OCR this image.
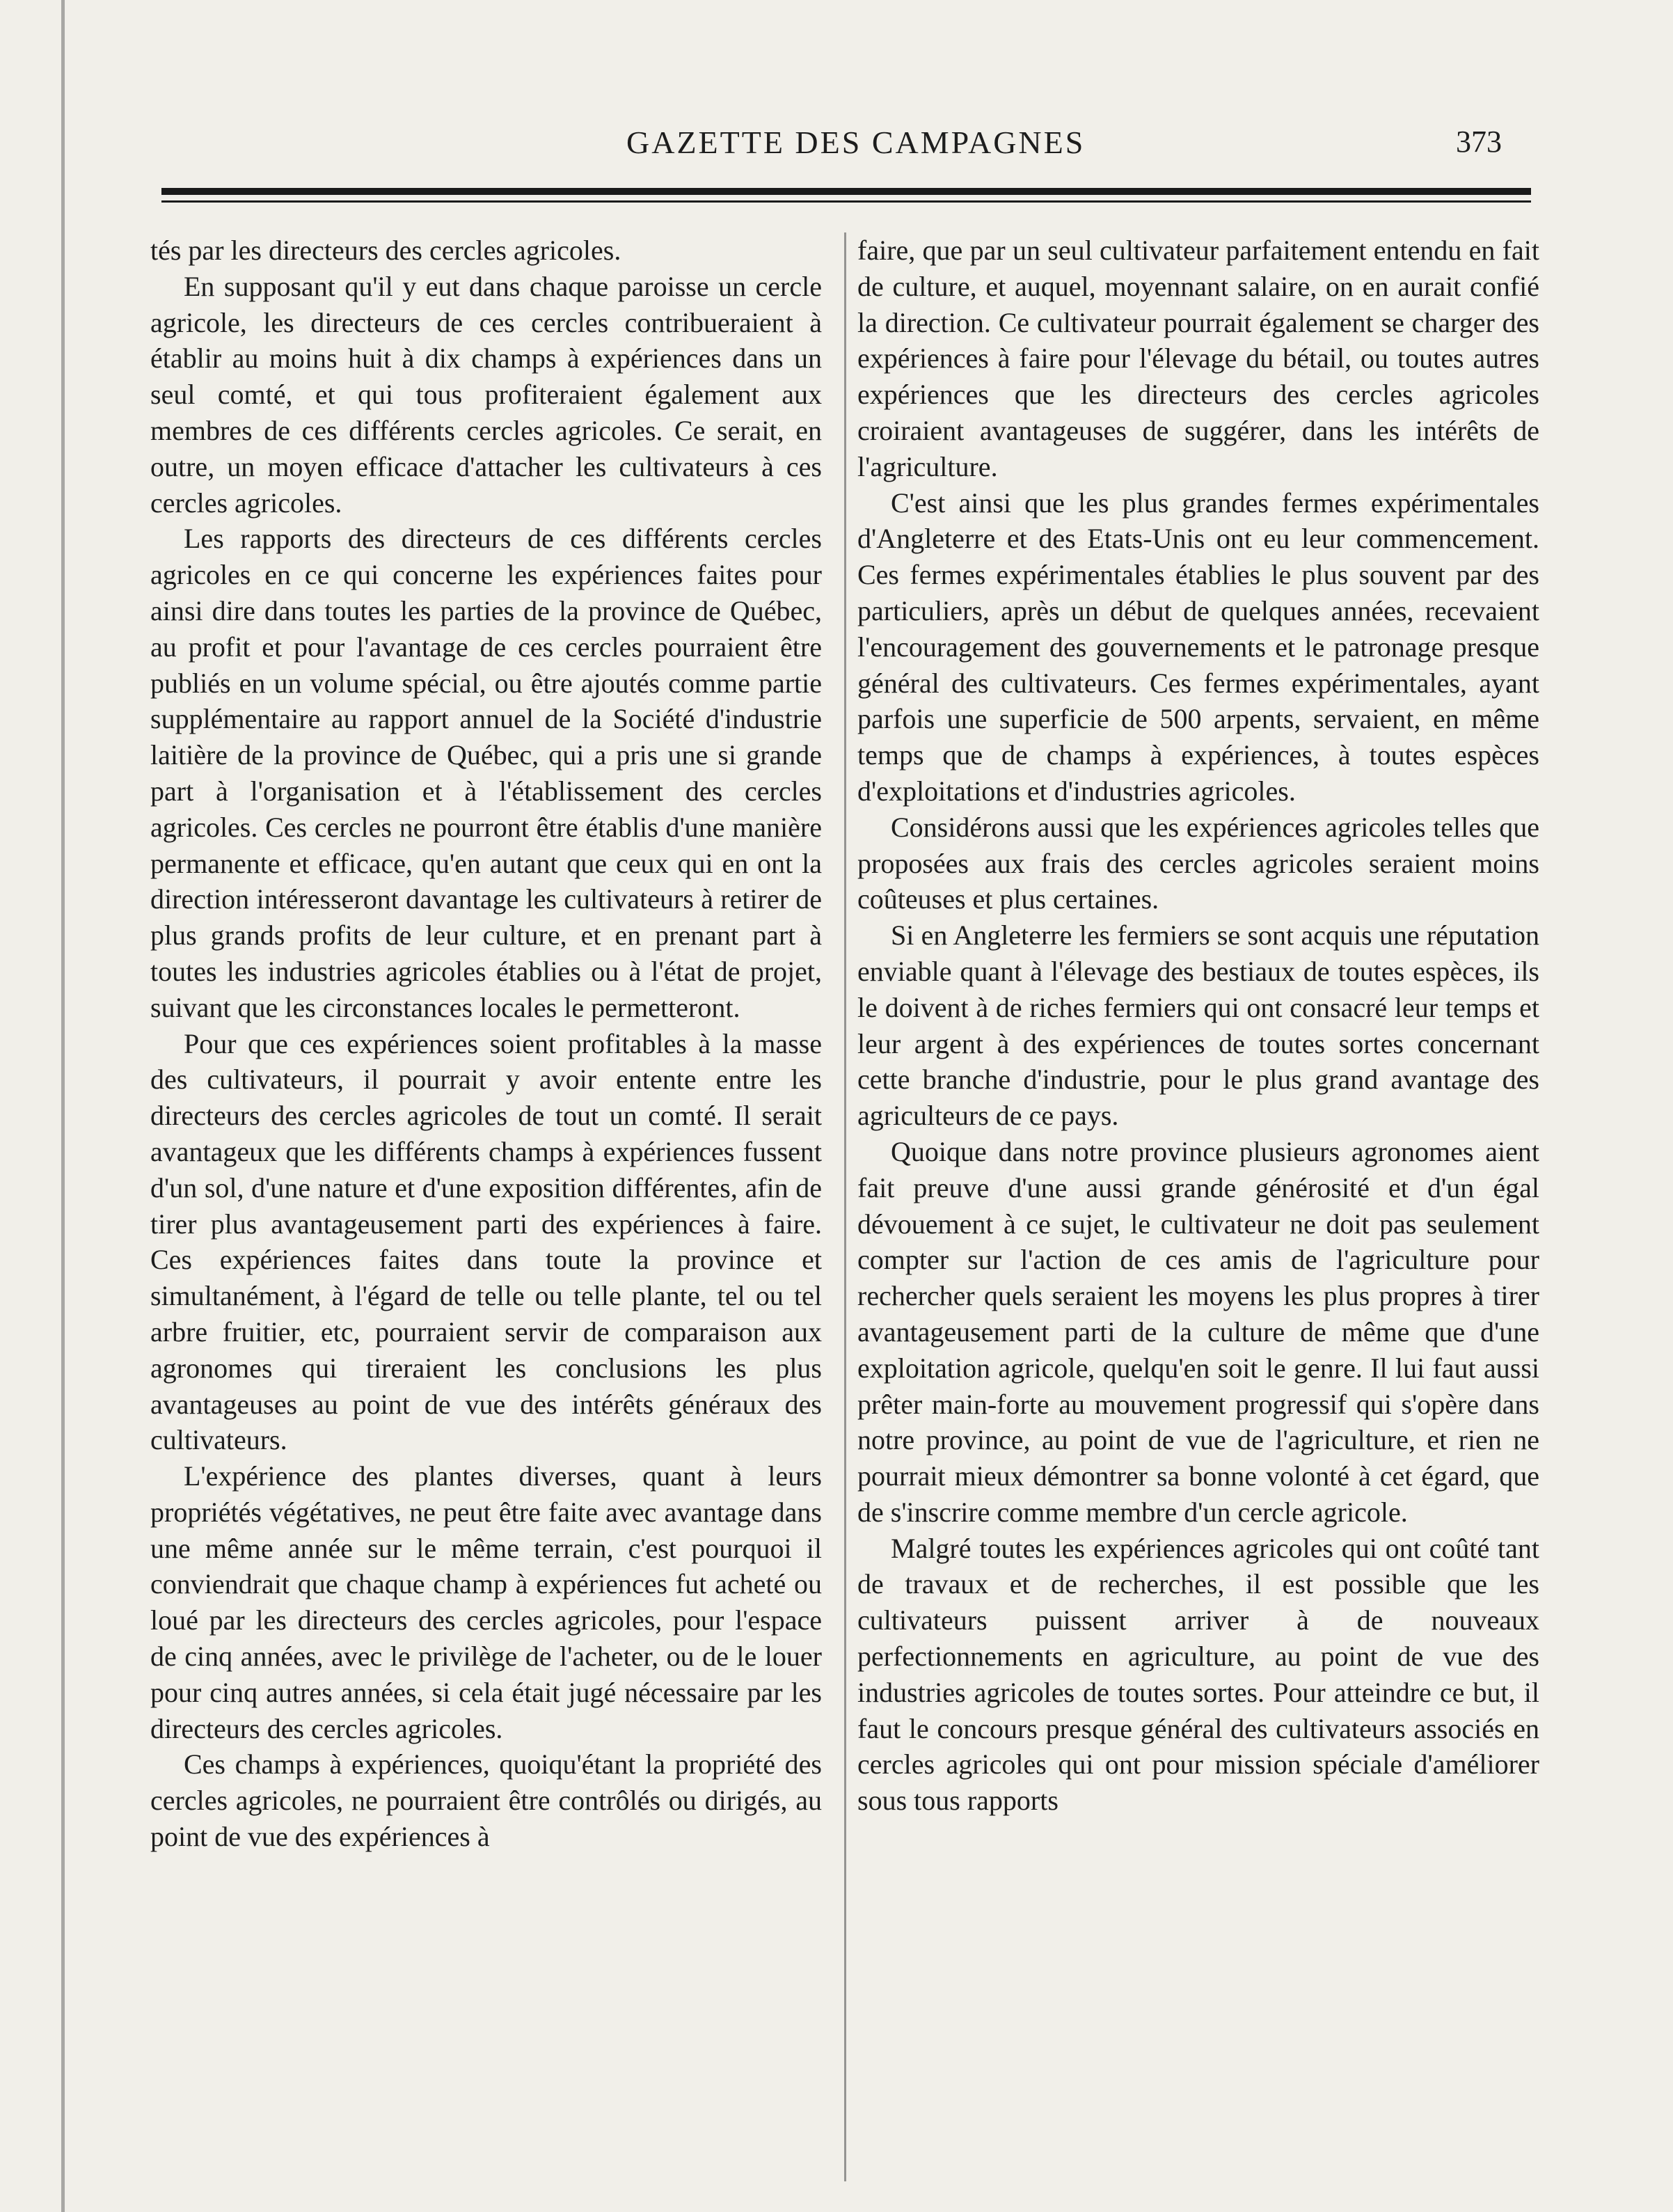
GAZETTE DES CAMPAGNES	373

tés par les directeurs des cercles agricoles.

En supposant qu'il y eut dans chaque paroisse un cercle agricole, les directeurs de ces cercles contribueraient à établir au moins huit à dix champs à expériences dans un seul comté, et qui tous profiteraient également aux membres de ces différents cercles agricoles. Ce serait, en outre, un moyen efficace d'attacher les cultivateurs à ces cercles agricoles.

Les rapports des directeurs de ces différents cercles agricoles en ce qui concerne les expériences faites pour ainsi dire dans toutes les parties de la province de Québec, au profit et pour l'avantage de ces cercles pourraient être publiés en un volume spécial, ou être ajoutés comme partie supplémentaire au rapport annuel de la Société d'industrie laitière de la province de Québec, qui a pris une si grande part à l'organisation et à l'établissement des cercles agricoles. Ces cercles ne pourront être établis d'une manière permanente et efficace, qu'en autant que ceux qui en ont la direction intéresseront davantage les cultivateurs à retirer de plus grands profits de leur culture, et en prenant part à toutes les industries agricoles établies ou à l'état de projet, suivant que les circonstances locales le permetteront.

Pour que ces expériences soient profitables à la masse des cultivateurs, il pourrait y avoir entente entre les directeurs des cercles agricoles de tout un comté. Il serait avantageux que les différents champs à expériences fussent d'un sol, d'une nature et d'une exposition différentes, afin de tirer plus avantageusement parti des expériences à faire. Ces expériences faites dans toute la province et simultanément, à l'égard de telle ou telle plante, tel ou tel arbre fruitier, etc, pourraient servir de comparaison aux agronomes qui tireraient les conclusions les plus avantageuses au point de vue des intérêts généraux des cultivateurs.

L'expérience des plantes diverses, quant à leurs propriétés végétatives, ne peut être faite avec avantage dans une même année sur le même terrain, c'est pourquoi il conviendrait que chaque champ à expériences fut acheté ou loué par les directeurs des cercles agricoles, pour l'espace de cinq années, avec le privilège de l'acheter, ou de le louer pour cinq autres années, si cela était jugé nécessaire par les directeurs des cercles agricoles.

Ces champs à expériences, quoiqu'étant la propriété des cercles agricoles, ne pourraient être contrôlés ou dirigés, au point de vue des expériences à

faire, que par un seul cultivateur parfaitement entendu en fait de culture, et auquel, moyennant salaire, on en aurait confié la direction. Ce cultivateur pourrait également se charger des expériences à faire pour l'élevage du bétail, ou toutes autres expériences que les directeurs des cercles agricoles croiraient avantageuses de suggérer, dans les intérêts de l'agriculture.

C'est ainsi que les plus grandes fermes expérimentales d'Angleterre et des Etats-Unis ont eu leur commencement. Ces fermes expérimentales établies le plus souvent par des particuliers, après un début de quelques années, recevaient l'encouragement des gouvernements et le patronage presque général des cultivateurs. Ces fermes expérimentales, ayant parfois une superficie de 500 arpents, servaient, en même temps que de champs à expériences, à toutes espèces d'exploitations et d'industries agricoles.

Considérons aussi que les expériences agricoles telles que proposées aux frais des cercles agricoles seraient moins coûteuses et plus certaines.

Si en Angleterre les fermiers se sont acquis une réputation enviable quant à l'élevage des bestiaux de toutes espèces, ils le doivent à de riches fermiers qui ont consacré leur temps et leur argent à des expériences de toutes sortes concernant cette branche d'industrie, pour le plus grand avantage des agriculteurs de ce pays.

Quoique dans notre province plusieurs agronomes aient fait preuve d'une aussi grande générosité et d'un égal dévouement à ce sujet, le cultivateur ne doit pas seulement compter sur l'action de ces amis de l'agriculture pour rechercher quels seraient les moyens les plus propres à tirer avantageusement parti de la culture de même que d'une exploitation agricole, quelqu'en soit le genre. Il lui faut aussi prêter main-forte au mouvement progressif qui s'opère dans notre province, au point de vue de l'agriculture, et rien ne pourrait mieux démontrer sa bonne volonté à cet égard, que de s'inscrire comme membre d'un cercle agricole.

Malgré toutes les expériences agricoles qui ont coûté tant de travaux et de recherches, il est possible que les cultivateurs puissent arriver à de nouveaux perfectionnements en agriculture, au point de vue des industries agricoles de toutes sortes. Pour atteindre ce but, il faut le concours presque général des cultivateurs associés en cercles agricoles qui ont pour mission spéciale d'améliorer sous tous rapports
